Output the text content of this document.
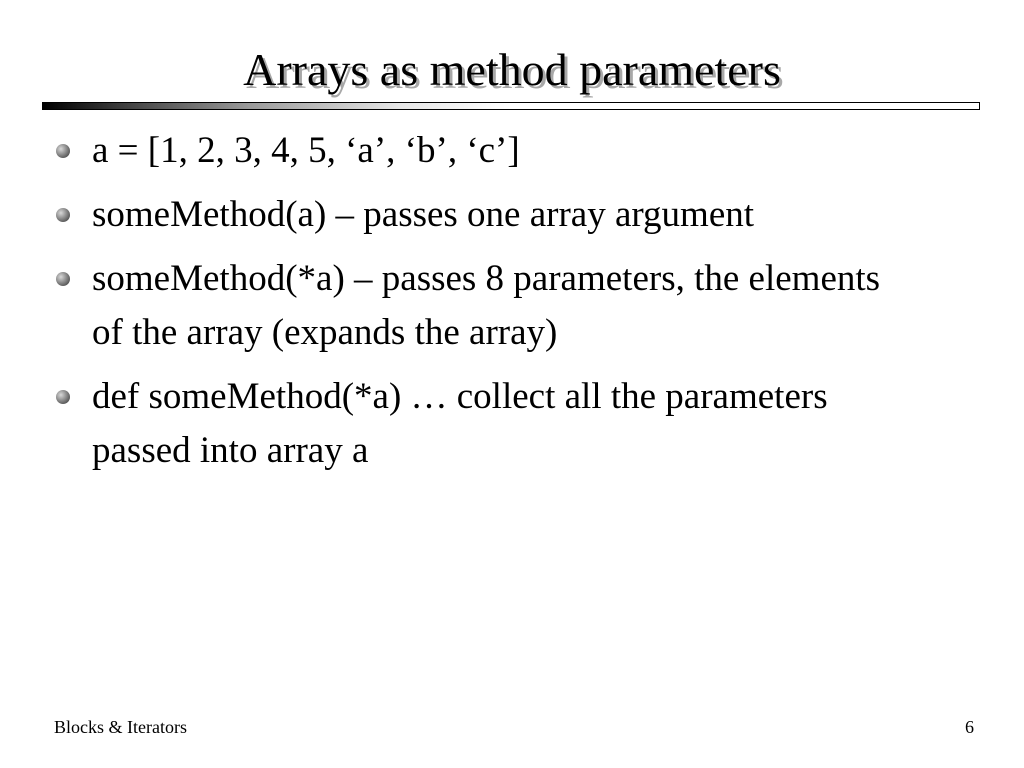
Arrays as method parameters
a = [1, 2, 3, 4, 5, ‘a’, ‘b’, ‘c’]
someMethod(a) – passes one array argument
someMethod(*a) – passes 8 parameters, the elements of the array (expands the array)
def someMethod(*a) … collect all the parameters passed into array a
Blocks & Iterators	6
